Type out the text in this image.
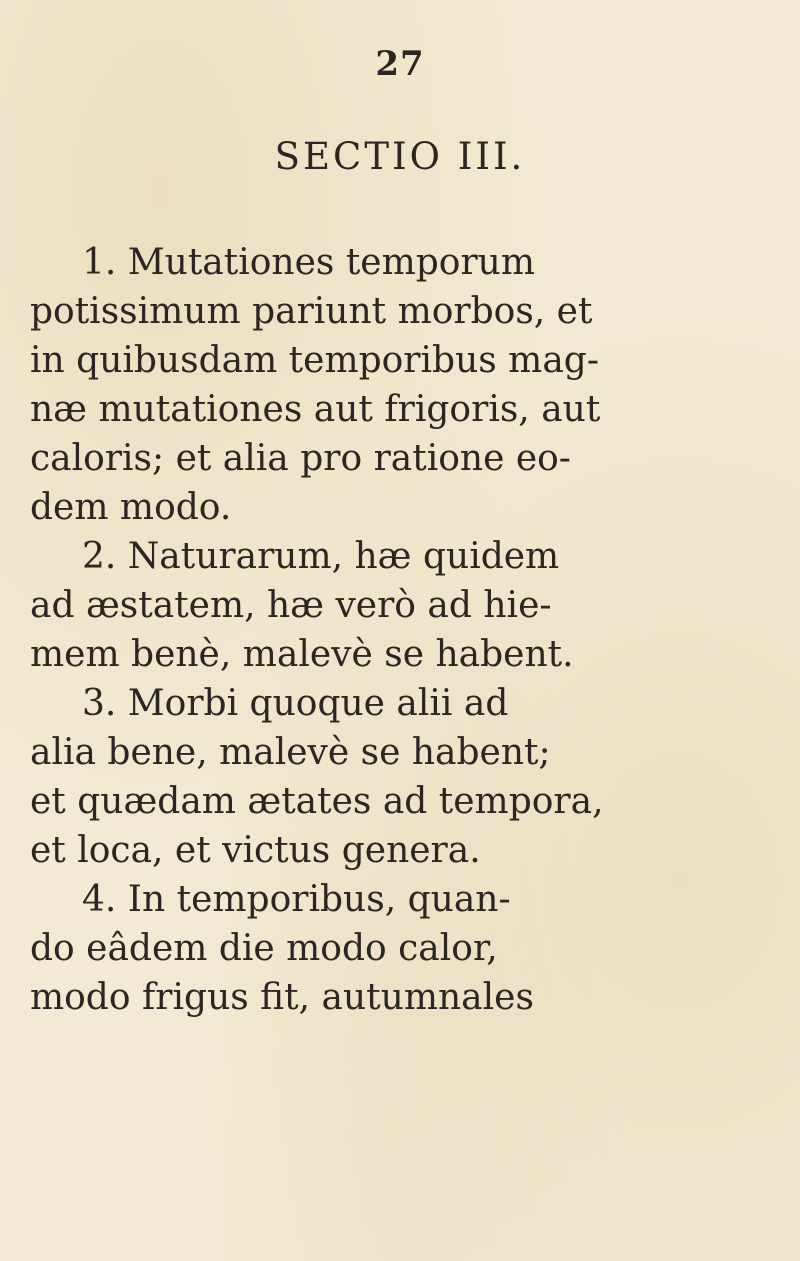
27
SECTIO III.
1. Mutationes temporum
potissimum pariunt morbos, et
in quibusdam temporibus mag-
næ mutationes aut frigoris, aut
caloris; et alia pro ratione eo-
dem modo.
2. Naturarum, hæ quidem
ad æstatem, hæ verò ad hie-
mem benè, malevè se habent.
3. Morbi quoque alii ad
alia bene, malevè se habent;
et quædam ætates ad tempora,
et loca, et victus genera.
4. In temporibus, quan-
do eâdem die modo calor,
modo frigus fit, autumnales
